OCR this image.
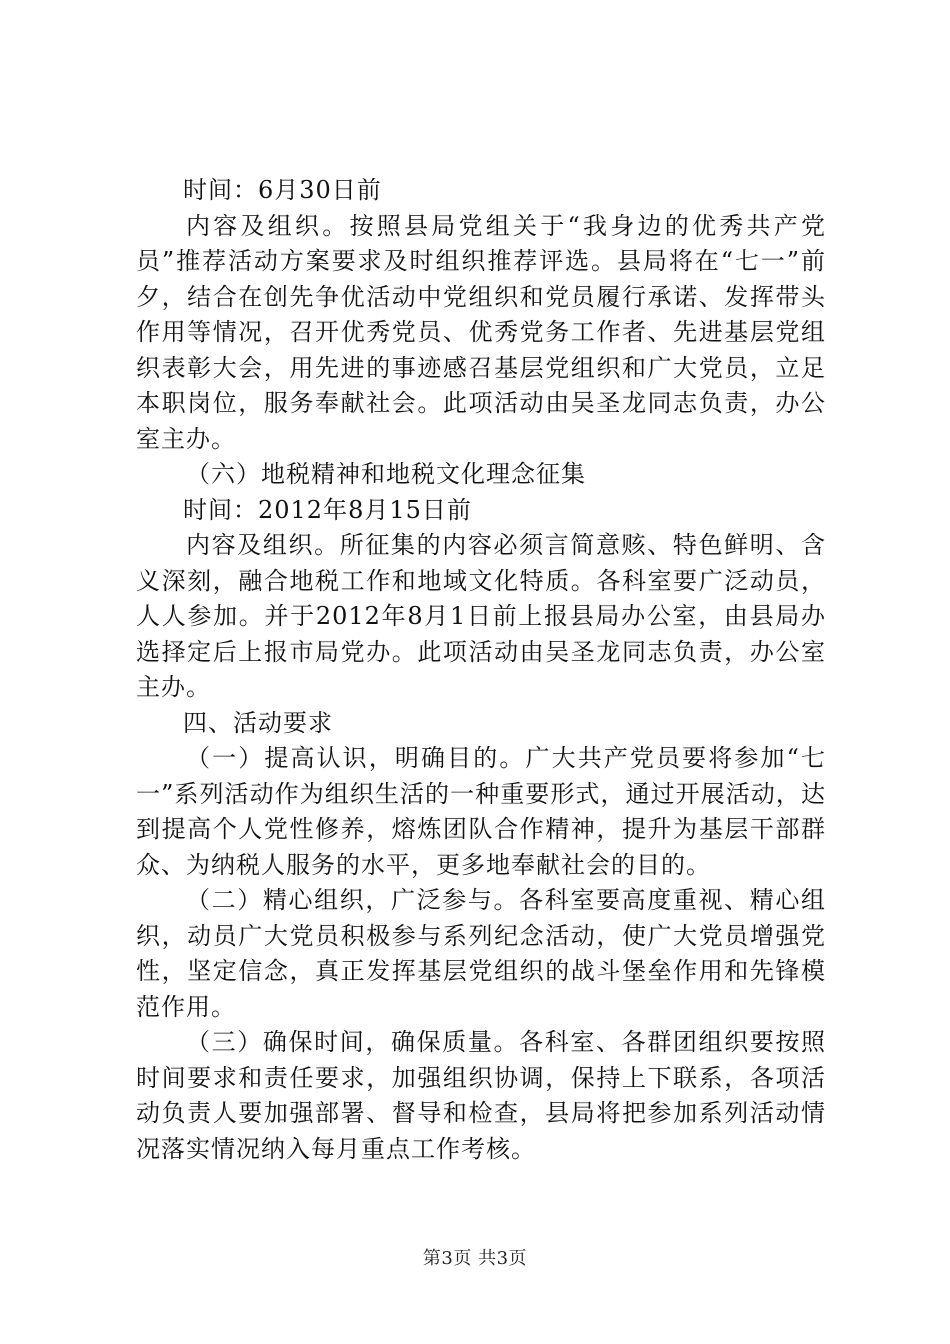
时间：6月30日前

内容及组织。按照县局党组关于“我身边的优秀共产党员”推荐活动方案要求及时组织推荐评选。县局将在“七一”前夕，结合在创先争优活动中党组织和党员履行承诺、发挥带头作用等情况，召开优秀党员、优秀党务工作者、先进基层党组织表彰大会，用先进的事迹感召基层党组织和广大党员，立足本职岗位，服务奉献社会。此项活动由吴圣龙同志负责，办公室主办。

（六）地税精神和地税文化理念征集

时间：2012年8月15日前

内容及组织。所征集的内容必须言简意赅、特色鲜明、含义深刻，融合地税工作和地域文化特质。各科室要广泛动员，人人参加。并于2012年8月1日前上报县局办公室，由县局办选择定后上报市局党办。此项活动由吴圣龙同志负责，办公室主办。

四、活动要求

（一）提高认识，明确目的。广大共产党员要将参加“七一”系列活动作为组织生活的一种重要形式，通过开展活动，达到提高个人党性修养，熔炼团队合作精神，提升为基层干部群众、为纳税人服务的水平，更多地奉献社会的目的。

（二）精心组织，广泛参与。各科室要高度重视、精心组织，动员广大党员积极参与系列纪念活动，使广大党员增强党性，坚定信念，真正发挥基层党组织的战斗堡垒作用和先锋模范作用。

（三）确保时间，确保质量。各科室、各群团组织要按照时间要求和责任要求，加强组织协调，保持上下联系，各项活动负责人要加强部署、督导和检查，县局将把参加系列活动情况落实情况纳入每月重点工作考核。

第3页 共3页
